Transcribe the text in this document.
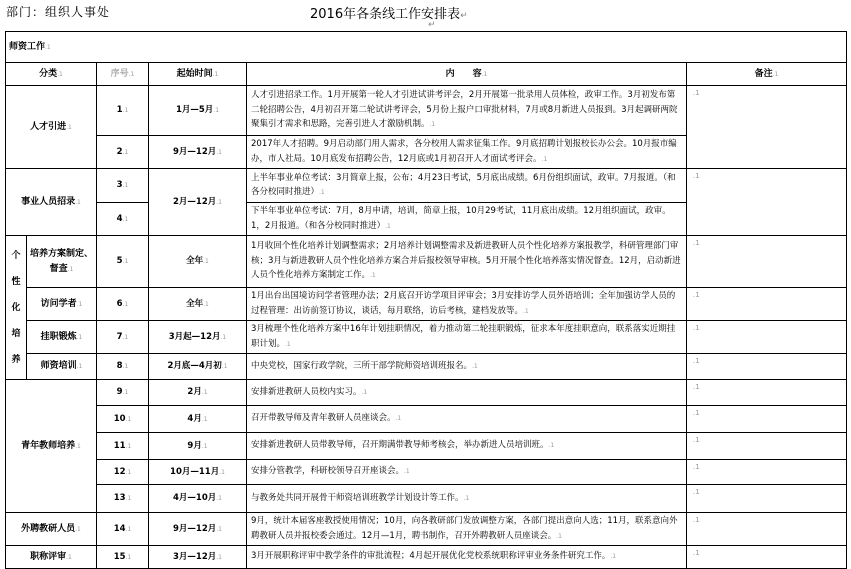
部门：组织人事处	2016年各条线工作安排表↵
↵
师资工作.1					
分类.1		序号.1	起始时间.1	内　　容.1	备注.1
人才引进.1		1.1	1月—5月.1	人才引进招录工作。1月开展第一轮人才引进试讲考评会，2月开展第一批录用人员体检，政审工作。3月初发布第二轮招聘公告，4月初召开第二轮试讲考评会，5月份上报户口审批材料，7月或8月新进人员报到。3月起调研两院聚集引才需求和思路，完善引进人才激励机制。.1	.1
		2.1	9月—12月.1	2017年人才招聘。9月启动部门用人需求，各分校用人需求征集工作。9月底招聘计划报校长办公会。10月报市编办，市人社局。10月底发布招聘公告，12月底或1月初召开人才面试考评会。.1	
事业人员招录.1		3.1	2月—12月.1	上半年事业单位考试：3月简章上报，公布；4月23日考试，5月底出成绩。6月份组织面试，政审。7月报道。（和各分校同时推进）.1	.1
		4.1		下半年事业单位考试：7月，8月申请，培训，简章上报，10月29考试，11月底出成绩。12月组织面试，政审。1，2月报道。（和各分校同时推进）.1	

个
性
化
培
养	培养方案制定、督查.1	5.1	全年.1	1月收回个性化培养计划调整需求；2月培养计划调整需求及新进教研人员个性化培养方案报教学，科研管理部门审核；3月与新进教研人员个性化培养方案合并后报校领导审核。5月开展个性化培养落实情况督查。12月，启动新进人员个性化培养方案制定工作。.1	.1
	访问学者.1	6.1	全年.1	1月出台出国境访问学者管理办法；2月底召开访学项目评审会；3月安排访学人员外语培训；全年加强访学人员的过程管理：出访前签订协议，谈话，每月联络，访后考核，建档发放等。.1	.1
	挂职锻炼.1	7.1	3月起—12月.1	3月梳理个性化培养方案中16年计划挂职情况，着力推动第二轮挂职锻炼，征求本年度挂职意向，联系落实近期挂职计划。.1	.1
	师资培训.1	8.1	2月底—4月初.1	中央党校，国家行政学院，三所干部学院师资培训班报名。.1	.1
青年教师培养.1		9.1	2月.1	安排新进教研人员校内实习。.1	.1
		10.1	4月.1	召开带教导师及青年教研人员座谈会。.1	.1
		11.1	9月.1	安排新进教研人员带教导师，召开期满带教导师考核会，举办新进人员培训班。.1	.1
		12.1	10月—11月.1	安排分管教学，科研校领导召开座谈会。.1	.1
		13.1	4月—10月.1	与教务处共同开展骨干师资培训班教学计划设计等工作。.1	.1
外聘教研人员.1		14.1	9月—12月.1	9月，统计本届客座教授使用情况；10月，向各教研部门发放调整方案，各部门提出意向人选；11月，联系意向外聘教研人员并报校委会通过。12月—1月，聘书制作，召开外聘教研人员座谈会。.1	.1
职称评审.1		15.1	3月—12月.1	3月开展职称评审中教学条件的审批流程；4月起开展优化党校系统职称评审业务条件研究工作。.1	.1
